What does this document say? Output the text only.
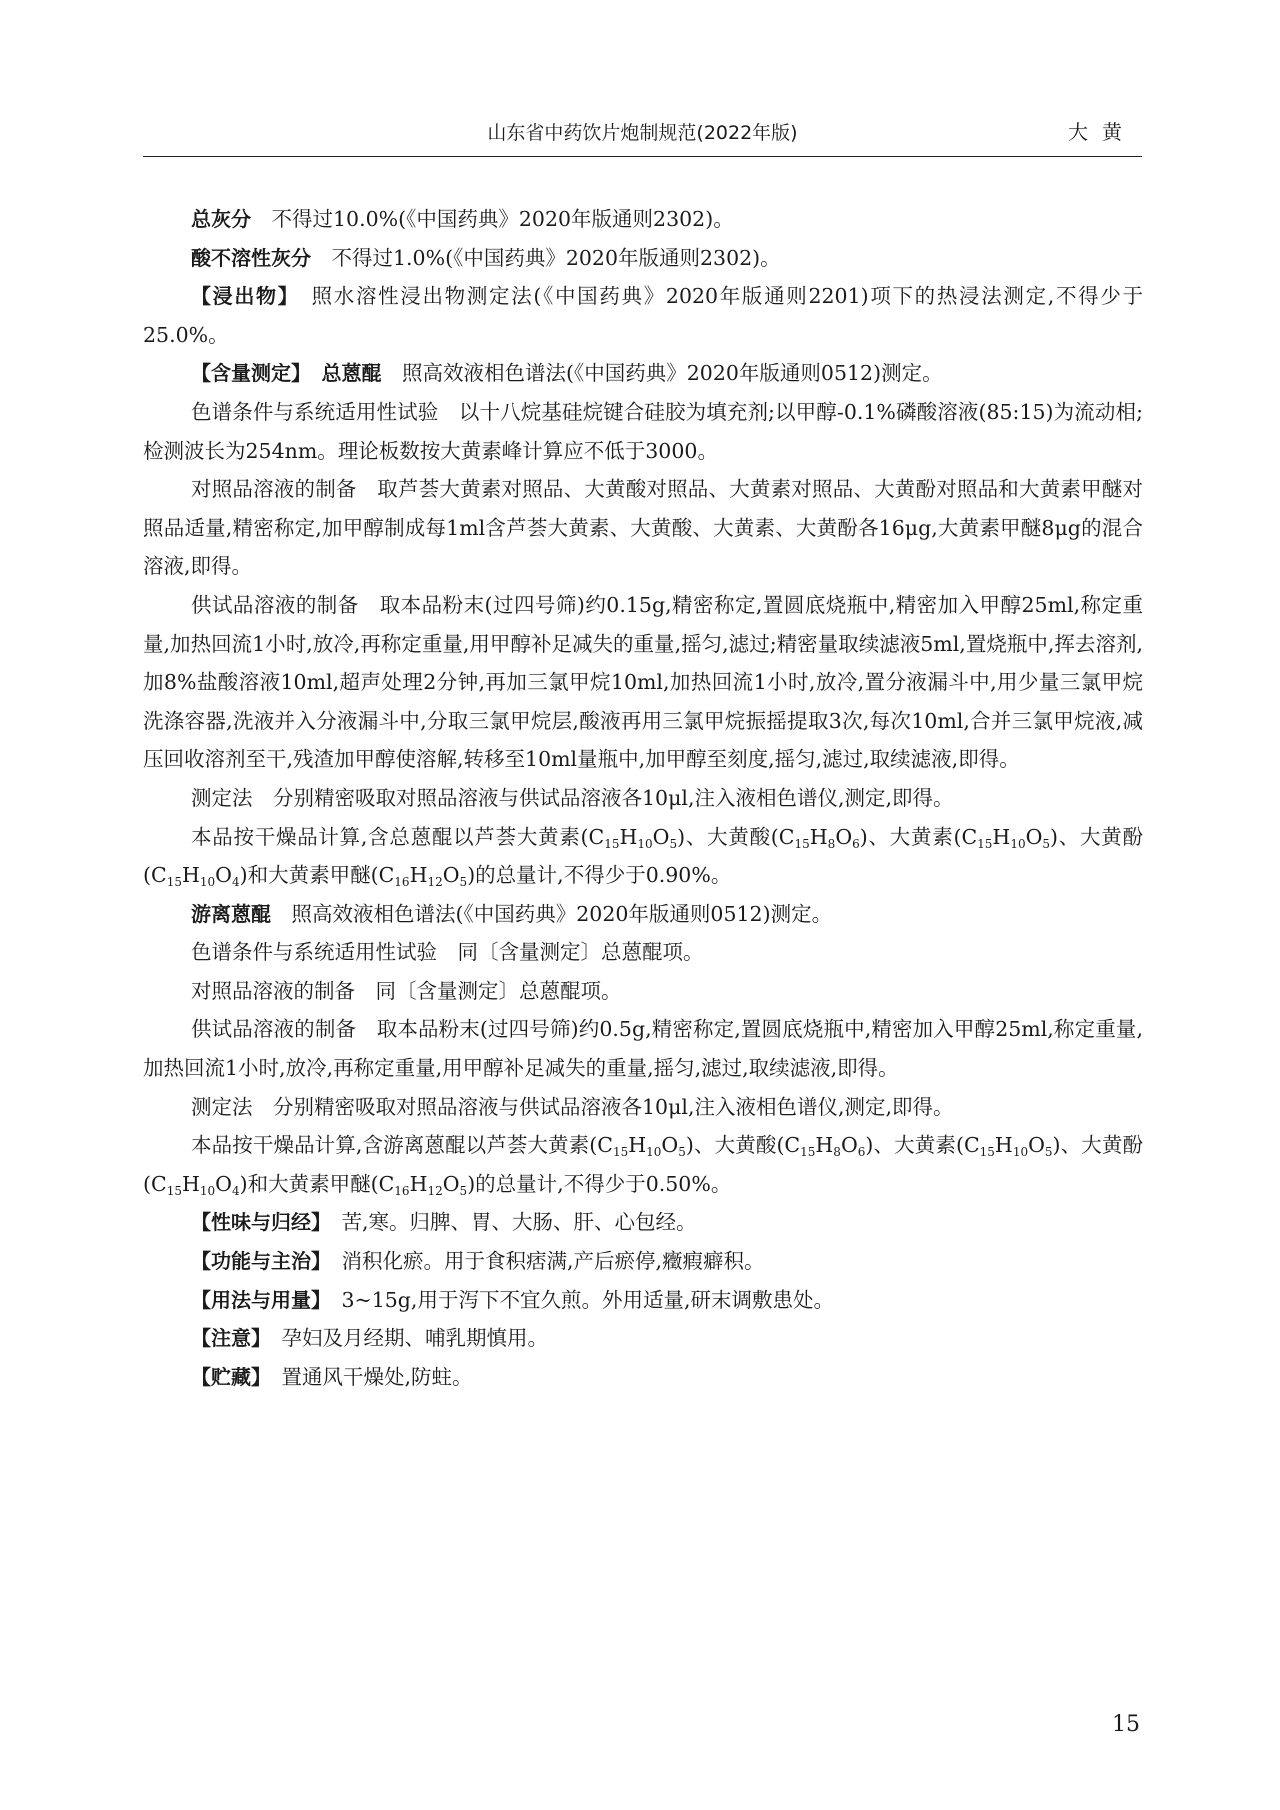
山东省中药饮片炮制规范(2022年版)	大黄

总灰分　 不得过10.0%(《中国药典》2020年版通则2302)。

酸不溶性灰分　 不得过1.0%(《中国药典》2020年版通则2302)。

【浸出物】　 照水溶性浸出物测定法(《中国药典》2020年版通则2201)项下的热浸法测定,不得少于25.0%。

【含量测定】　 总蒽醌　 照高效液相色谱法(《中国药典》2020年版通则0512)测定。

色谱条件与系统适用性试验　以十八烷基硅烷键合硅胶为填充剂;以甲醇-0.1%磷酸溶液(85:15)为流动相;检测波长为254nm。理论板数按大黄素峰计算应不低于3000。

对照品溶液的制备　取芦荟大黄素对照品、大黄酸对照品、大黄素对照品、大黄酚对照品和大黄素甲醚对照品适量,精密称定,加甲醇制成每1ml含芦荟大黄素、大黄酸、大黄素、大黄酚各16μg,大黄素甲醚8μg的混合溶液,即得。

供试品溶液的制备　取本品粉末(过四号筛)约0.15g,精密称定,置圆底烧瓶中,精密加入甲醇25ml,称定重量,加热回流1小时,放冷,再称定重量,用甲醇补足减失的重量,摇匀,滤过;精密量取续滤液5ml,置烧瓶中,挥去溶剂,加8%盐酸溶液10ml,超声处理2分钟,再加三氯甲烷10ml,加热回流1小时,放冷,置分液漏斗中,用少量三氯甲烷洗涤容器,洗液并入分液漏斗中,分取三氯甲烷层,酸液再用三氯甲烷振摇提取3次,每次10ml,合并三氯甲烷液,减压回收溶剂至干,残渣加甲醇使溶解,转移至10ml量瓶中,加甲醇至刻度,摇匀,滤过,取续滤液,即得。

测定法　分别精密吸取对照品溶液与供试品溶液各10μl,注入液相色谱仪,测定,即得。

本品按干燥品计算,含总蒽醌以芦荟大黄素$(C_{15}H_{10}O_5)$、大黄酸$(C_{15}H_8O_6)$、大黄素$(C_{15}H_{10}O_5)$、大黄酚$(C_{15}H_{10}O_4)$和大黄素甲醚$(C_{16}H_{12}O_5)$的总量计,不得少于0.90%。

游离蒽醌　 照高效液相色谱法(《中国药典》2020年版通则0512)测定。

色谱条件与系统适用性试验　同〔含量测定〕总蒽醌项。

对照品溶液的制备　同〔含量测定〕总蒽醌项。

供试品溶液的制备　取本品粉末(过四号筛)约0.5g,精密称定,置圆底烧瓶中,精密加入甲醇25ml,称定重量,加热回流1小时,放冷,再称定重量,用甲醇补足减失的重量,摇匀,滤过,取续滤液,即得。

测定法　分别精密吸取对照品溶液与供试品溶液各10μl,注入液相色谱仪,测定,即得。

本品按干燥品计算,含游离蒽醌以芦荟大黄素$(C_{15}H_{10}O_5)$、大黄酸$(C_{15}H_8O_6)$、大黄素$(C_{15}H_{10}O_5)$、大黄酚$(C_{15}H_{10}O_4)$和大黄素甲醚$(C_{16}H_{12}O_5)$的总量计,不得少于0.50%。

【性味与归经】　 苦,寒。归脾、胃、大肠、肝、心包经。

【功能与主治】　 消积化瘀。用于食积痞满,产后瘀停,癥瘕癖积。

【用法与用量】　 3~15g,用于泻下不宜久煎。外用适量,研末调敷患处。

【注意】　 孕妇及月经期、哺乳期慎用。

【贮藏】　 置通风干燥处,防蛀。

15
